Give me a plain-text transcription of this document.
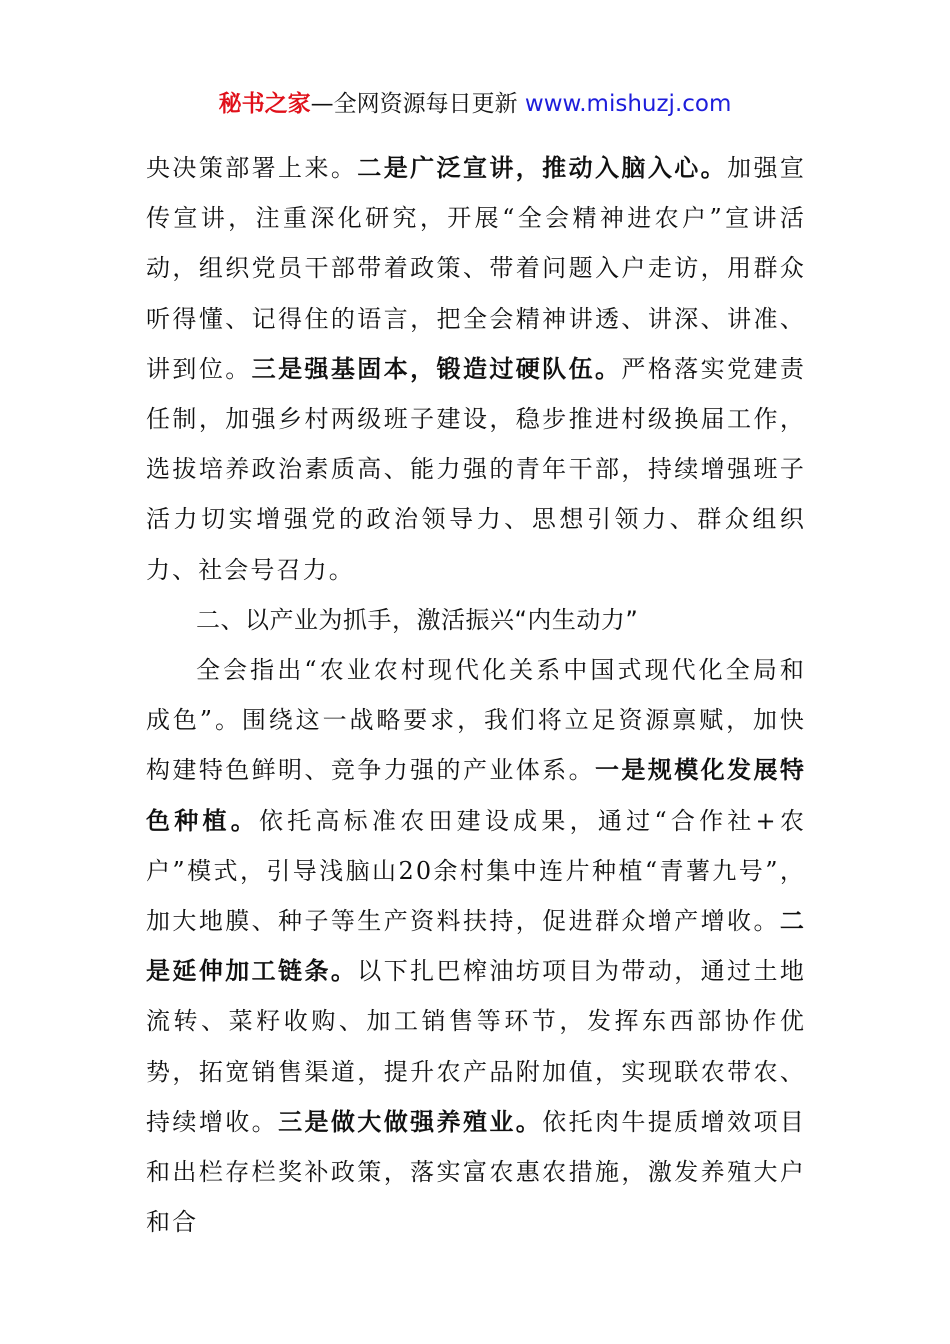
秘书之家—全网资源每日更新 www.mishuzj.com

央决策部署上来。二是广泛宣讲，推动入脑入心。加强宣传宣讲，注重深化研究，开展“全会精神进农户”宣讲活动，组织党员干部带着政策、带着问题入户走访，用群众听得懂、记得住的语言，把全会精神讲透、讲深、讲准、讲到位。三是强基固本，锻造过硬队伍。严格落实党建责任制，加强乡村两级班子建设，稳步推进村级换届工作，选拔培养政治素质高、能力强的青年干部，持续增强班子活力切实增强党的政治领导力、思想引领力、群众组织力、社会号召力。

二、以产业为抓手，激活振兴“内生动力”

全会指出“农业农村现代化关系中国式现代化全局和成色”。围绕这一战略要求，我们将立足资源禀赋，加快构建特色鲜明、竞争力强的产业体系。一是规模化发展特色种植。依托高标准农田建设成果，通过“合作社+农户”模式，引导浅脑山20余村集中连片种植“青薯九号”，加大地膜、种子等生产资料扶持，促进群众增产增收。二是延伸加工链条。以下扎巴榨油坊项目为带动，通过土地流转、菜籽收购、加工销售等环节，发挥东西部协作优势，拓宽销售渠道，提升农产品附加值，实现联农带农、持续增收。三是做大做强养殖业。依托肉牛提质增效项目和出栏存栏奖补政策，落实富农惠农措施，激发养殖大户和合
